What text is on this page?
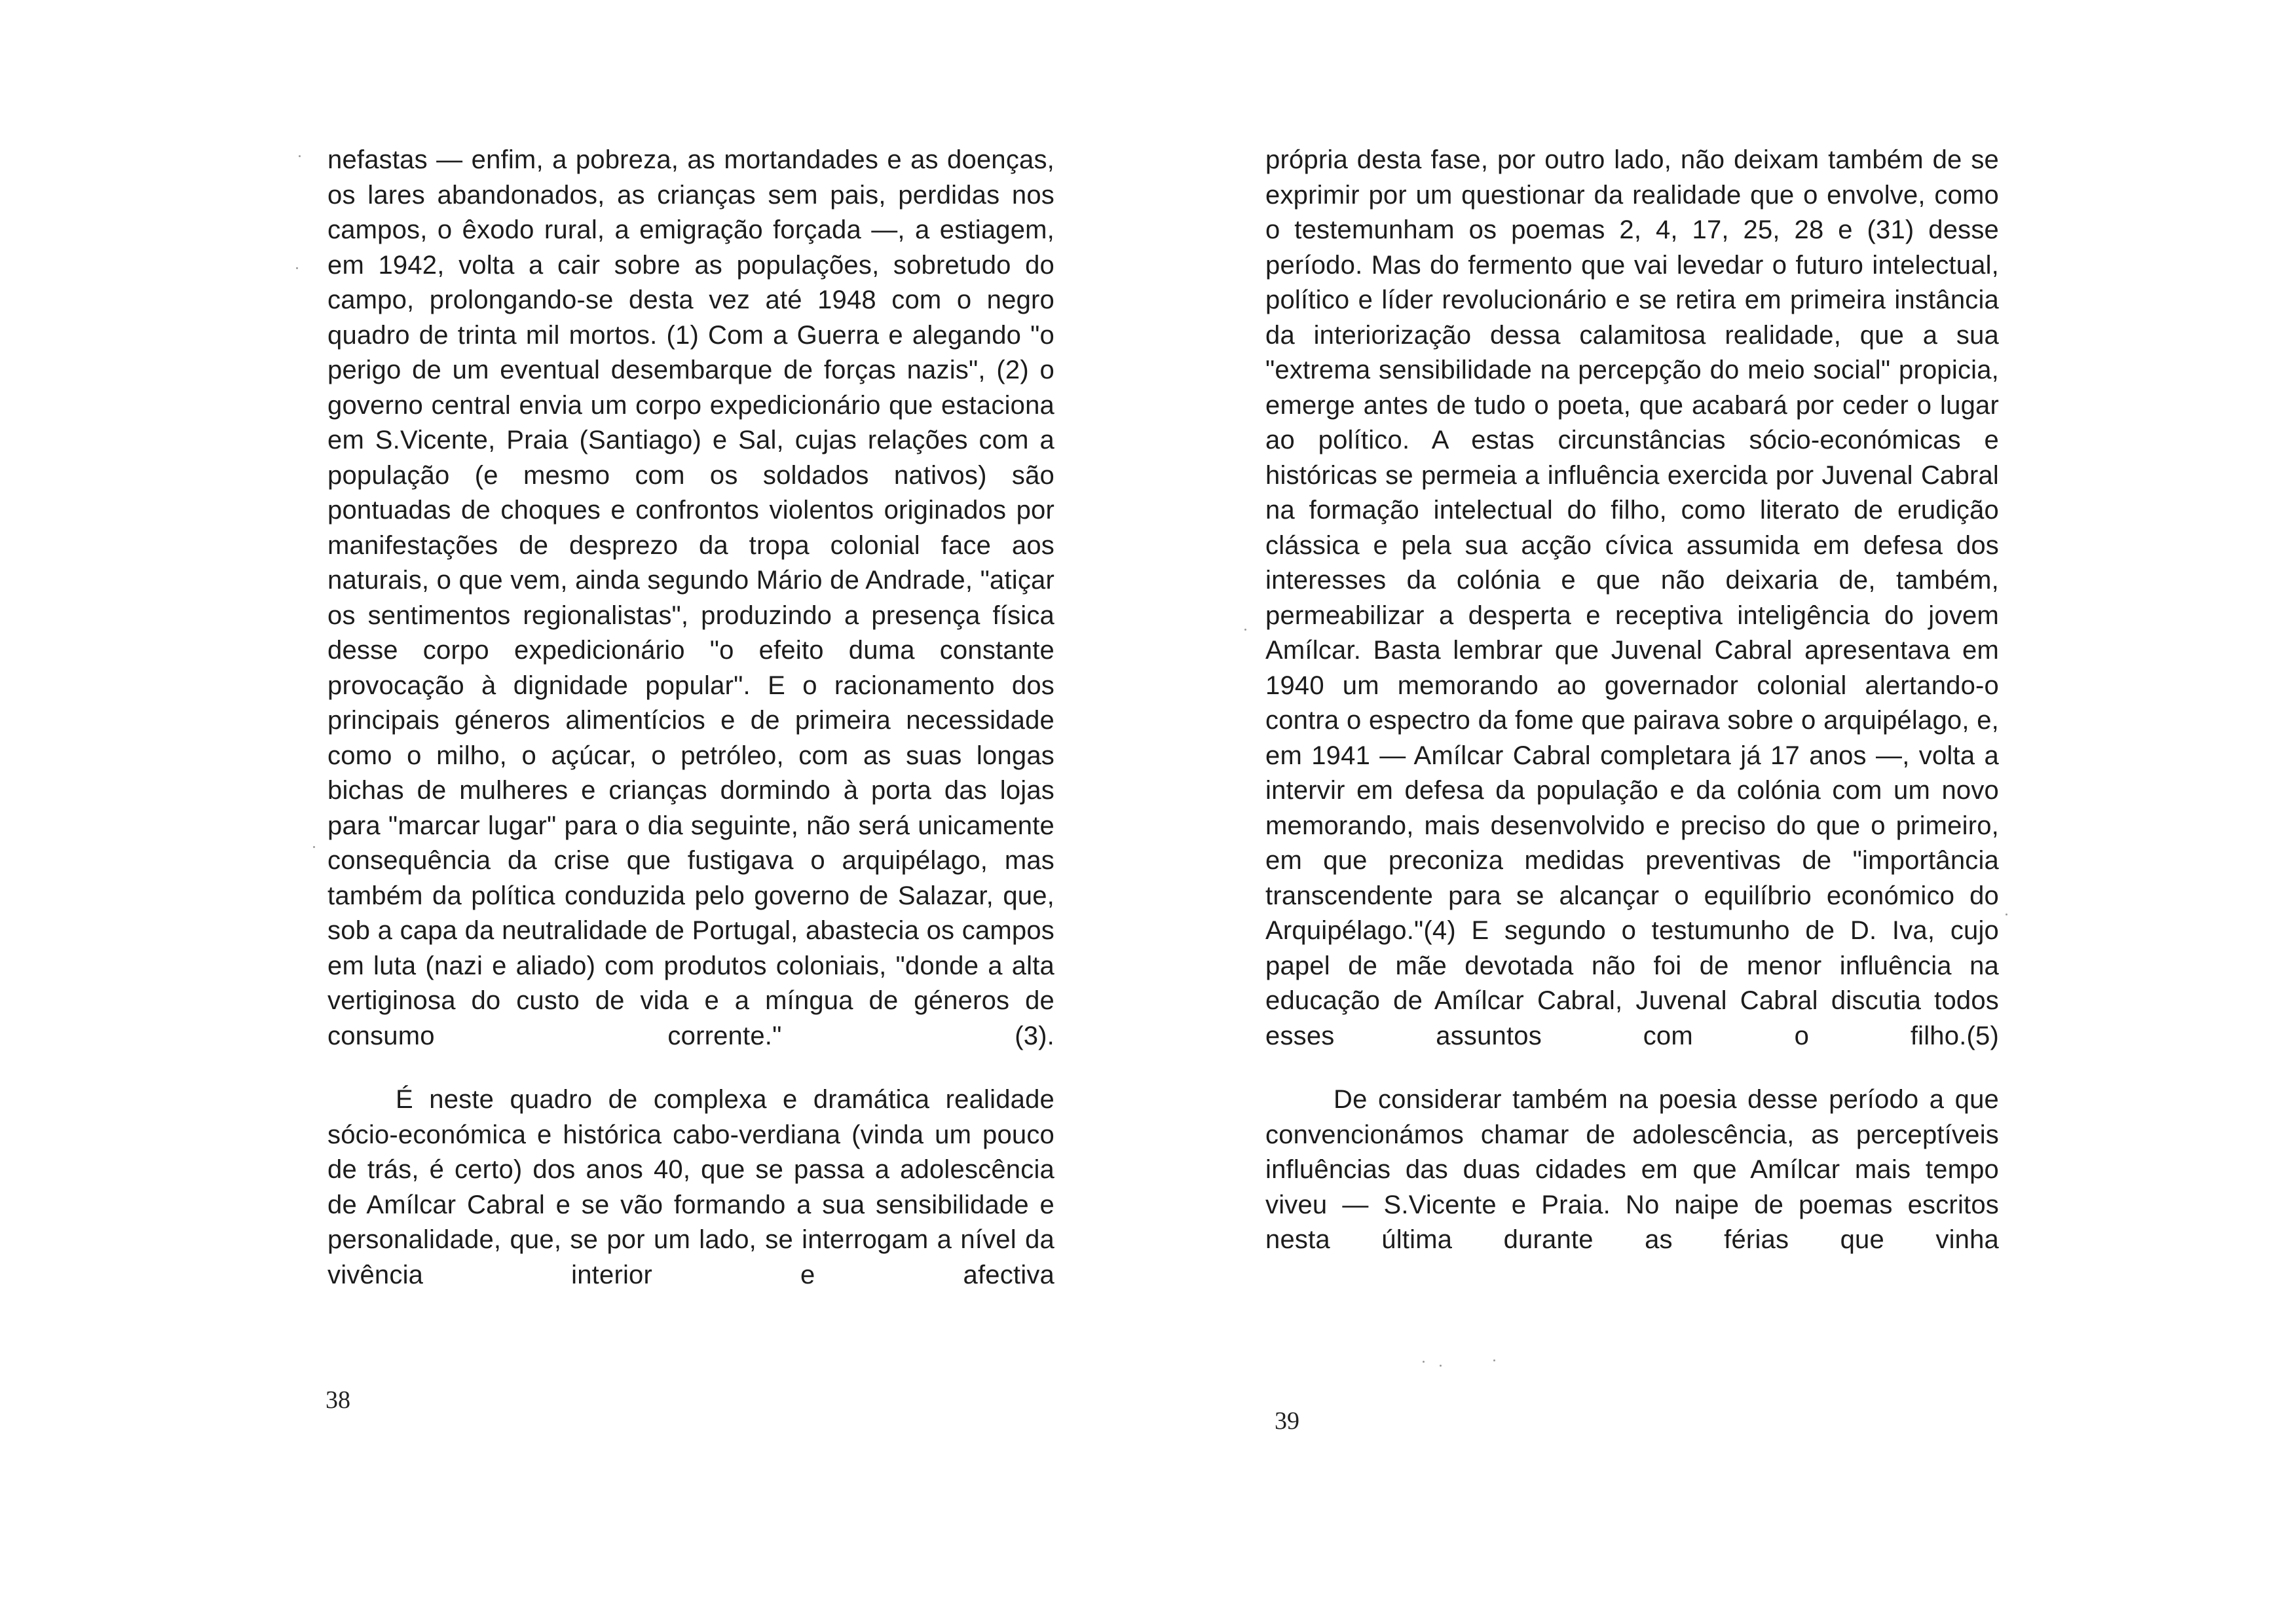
nefastas — enfim, a pobreza, as mortandades e as doenças, os lares abandonados, as crianças sem pais, perdidas nos campos, o êxodo rural, a emigração forçada —, a estiagem, em 1942, volta a cair sobre as populações, sobretudo do campo, prolongando-se desta vez até 1948 com o negro quadro de trinta mil mortos. (1) Com a Guerra e alegando "o perigo de um eventual desembarque de forças nazis", (2) o governo central envia um corpo expedicionário que estaciona em S.Vicente, Praia (Santiago) e Sal, cujas relações com a população (e mesmo com os soldados nativos) são pontuadas de choques e confrontos violentos originados por manifestações de desprezo da tropa colonial face aos naturais, o que vem, ainda segundo Mário de Andrade, "atiçar os sentimentos regionalistas", produzindo a presença física desse corpo expedicionário "o efeito duma constante provocação à dignidade popular". E o racionamento dos principais géneros alimentícios e de primeira necessidade como o milho, o açúcar, o petróleo, com as suas longas bichas de mulheres e crianças dormindo à porta das lojas para "marcar lugar" para o dia seguinte, não será unicamente consequência da crise que fustigava o arquipélago, mas também da política conduzida pelo governo de Salazar, que, sob a capa da neutralidade de Portugal, abastecia os campos em luta (nazi e aliado) com produtos coloniais, "donde a alta vertiginosa do custo de vida e a míngua de géneros de consumo corrente." (3).

É neste quadro de complexa e dramática realidade sócio-económica e histórica cabo-verdiana (vinda um pouco de trás, é certo) dos anos 40, que se passa a adolescência de Amílcar Cabral e se vão formando a sua sensibilidade e personalidade, que, se por um lado, se interrogam a nível da vivência interior e afectiva

38

própria desta fase, por outro lado, não deixam também de se exprimir por um questionar da realidade que o envolve, como o testemunham os poemas 2, 4, 17, 25, 28 e (31) desse período. Mas do fermento que vai levedar o futuro intelectual, político e líder revolucionário e se retira em primeira instância da interiorização dessa calamitosa realidade, que a sua "extrema sensibilidade na percepção do meio social" propicia, emerge antes de tudo o poeta, que acabará por ceder o lugar ao político. A estas circunstâncias sócio-económicas e históricas se permeia a influência exercida por Juvenal Cabral na formação intelectual do filho, como literato de erudição clássica e pela sua acção cívica assumida em defesa dos interesses da colónia e que não deixaria de, também, permeabilizar a desperta e receptiva inteligência do jovem Amílcar. Basta lembrar que Juvenal Cabral apresentava em 1940 um memorando ao governador colonial alertando-o contra o espectro da fome que pairava sobre o arquipélago, e, em 1941 — Amílcar Cabral completara já 17 anos —, volta a intervir em defesa da população e da colónia com um novo memorando, mais desenvolvido e preciso do que o primeiro, em que preconiza medidas preventivas de "importância transcendente para se alcançar o equilíbrio económico do Arquipélago."(4) E segundo o testumunho de D. Iva, cujo papel de mãe devotada não foi de menor influência na educação de Amílcar Cabral, Juvenal Cabral discutia todos esses assuntos com o filho.(5)

De considerar também na poesia desse período a que convencionámos chamar de adolescência, as perceptíveis influências das duas cidades em que Amílcar mais tempo viveu — S.Vicente e Praia. No naipe de poemas escritos nesta última durante as férias que vinha

39
